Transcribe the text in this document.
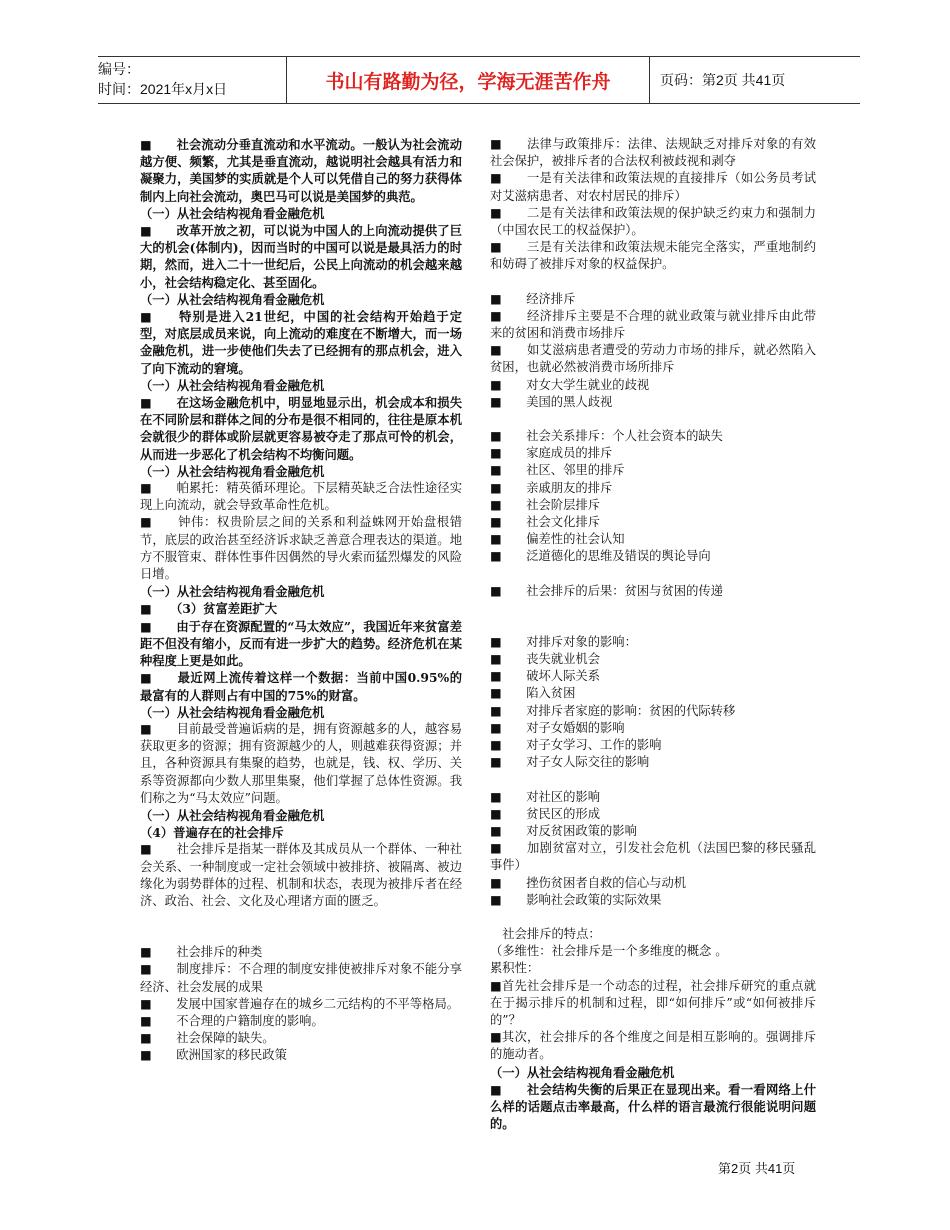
编号：
时间：2021年x月x日	书山有路勤为径，学海无涯苦作舟	页码：第2页 共41页

■　　社会流动分垂直流动和水平流动。一般认为社会流动越方便、频繁，尤其是垂直流动，越说明社会越具有活力和凝聚力，美国梦的实质就是个人可以凭借自己的努力获得体制内上向社会流动，奥巴马可以说是美国梦的典范。

（一）从社会结构视角看金融危机

■　　改革开放之初，可以说为中国人的上向流动提供了巨大的机会(体制内)，因而当时的中国可以说是最具活力的时期，然而，进入二十一世纪后，公民上向流动的机会越来越小，社会结构稳定化、甚至固化。

（一）从社会结构视角看金融危机

■　　特别是进入21世纪，中国的社会结构开始趋于定型，对底层成员来说，向上流动的难度在不断增大，而一场金融危机，进一步使他们失去了已经拥有的那点机会，进入了向下流动的窘境。

（一）从社会结构视角看金融危机

■　　在这场金融危机中，明显地显示出，机会成本和损失在不同阶层和群体之间的分布是很不相同的，往往是原本机会就很少的群体或阶层就更容易被夺走了那点可怜的机会，从而进一步恶化了机会结构不均衡问题。

（一）从社会结构视角看金融危机

■　　帕累托：精英循环理论。下层精英缺乏合法性途径实现上向流动，就会导致革命性危机。

■　　钟伟：权贵阶层之间的关系和利益蛛网开始盘根错节，底层的政治甚至经济诉求缺乏善意合理表达的渠道。地方不服管束、群体性事件因偶然的导火索而猛烈爆发的风险日增。

（一）从社会结构视角看金融危机

■　　（3）贫富差距扩大

■　　由于存在资源配置的“马太效应”，我国近年来贫富差距不但没有缩小，反而有进一步扩大的趋势。经济危机在某种程度上更是如此。

■　　最近网上流传着这样一个数据：当前中国0.95%的最富有的人群则占有中国的75%的财富。

（一）从社会结构视角看金融危机

■　　目前最受普遍诟病的是，拥有资源越多的人，越容易获取更多的资源；拥有资源越少的人，则越难获得资源；并且，各种资源具有集聚的趋势，也就是，钱、权、学历、关系等资源都向少数人那里集聚，他们掌握了总体性资源。我们称之为“马太效应”问题。

（一）从社会结构视角看金融危机

（4）普遍存在的社会排斥

■　　社会排斥是指某一群体及其成员从一个群体、一种社会关系、一种制度或一定社会领域中被排挤、被隔离、被边缘化为弱势群体的过程、机制和状态，表现为被排斥者在经济、政治、社会、文化及心理诸方面的匮乏。

■　　社会排斥的种类

■　　制度排斥：不合理的制度安排使被排斥对象不能分享经济、社会发展的成果

■　　发展中国家普遍存在的城乡二元结构的不平等格局。

■　　不合理的户籍制度的影响。

■　　社会保障的缺失。

■　　欧洲国家的移民政策

■　　法律与政策排斥：法律、法规缺乏对排斥对象的有效社会保护，被排斥者的合法权利被歧视和剥夺

■　　一是有关法律和政策法规的直接排斥（如公务员考试对艾滋病患者、对农村居民的排斥）

■　　二是有关法律和政策法规的保护缺乏约束力和强制力（中国农民工的权益保护）。

■　　三是有关法律和政策法规未能完全落实，严重地制约和妨碍了被排斥对象的权益保护。

■　　经济排斥

■　　经济排斥主要是不合理的就业政策与就业排斥由此带来的贫困和消费市场排斥

■　　如艾滋病患者遭受的劳动力市场的排斥，就必然陷入贫困，也就必然被消费市场所排斥

■　　对女大学生就业的歧视

■　　美国的黑人歧视

■　　社会关系排斥：个人社会资本的缺失

■　　家庭成员的排斥

■　　社区、邻里的排斥

■　　亲戚朋友的排斥

■　　社会阶层排斥

■　　社会文化排斥

■　　偏差性的社会认知

■　　泛道德化的思维及错误的舆论导向

■　　社会排斥的后果：贫困与贫困的传递

■　　对排斥对象的影响：

■　　丧失就业机会

■　　破坏人际关系

■　　陷入贫困

■　　对排斥者家庭的影响：贫困的代际转移

■　　对子女婚姻的影响

■　　对子女学习、工作的影响

■　　对子女人际交往的影响

■　　对社区的影响

■　　贫民区的形成

■　　对反贫困政策的影响

■　　加剧贫富对立，引发社会危机（法国巴黎的移民骚乱事件）

■　　挫伤贫困者自救的信心与动机

■　　影响社会政策的实际效果

　社会排斥的特点：

（多维性：社会排斥是一个多维度的概念 。

累积性：

■首先社会排斥是一个动态的过程，社会排斥研究的重点就在于揭示排斥的机制和过程，即“如何排斥”或“如何被排斥的”？

■其次，社会排斥的各个维度之间是相互影响的。强调排斥的施动者。

（一）从社会结构视角看金融危机

■　　社会结构失衡的后果正在显现出来。看一看网络上什么样的话题点击率最高，什么样的语言最流行很能说明问题的。

第2页 共41页
